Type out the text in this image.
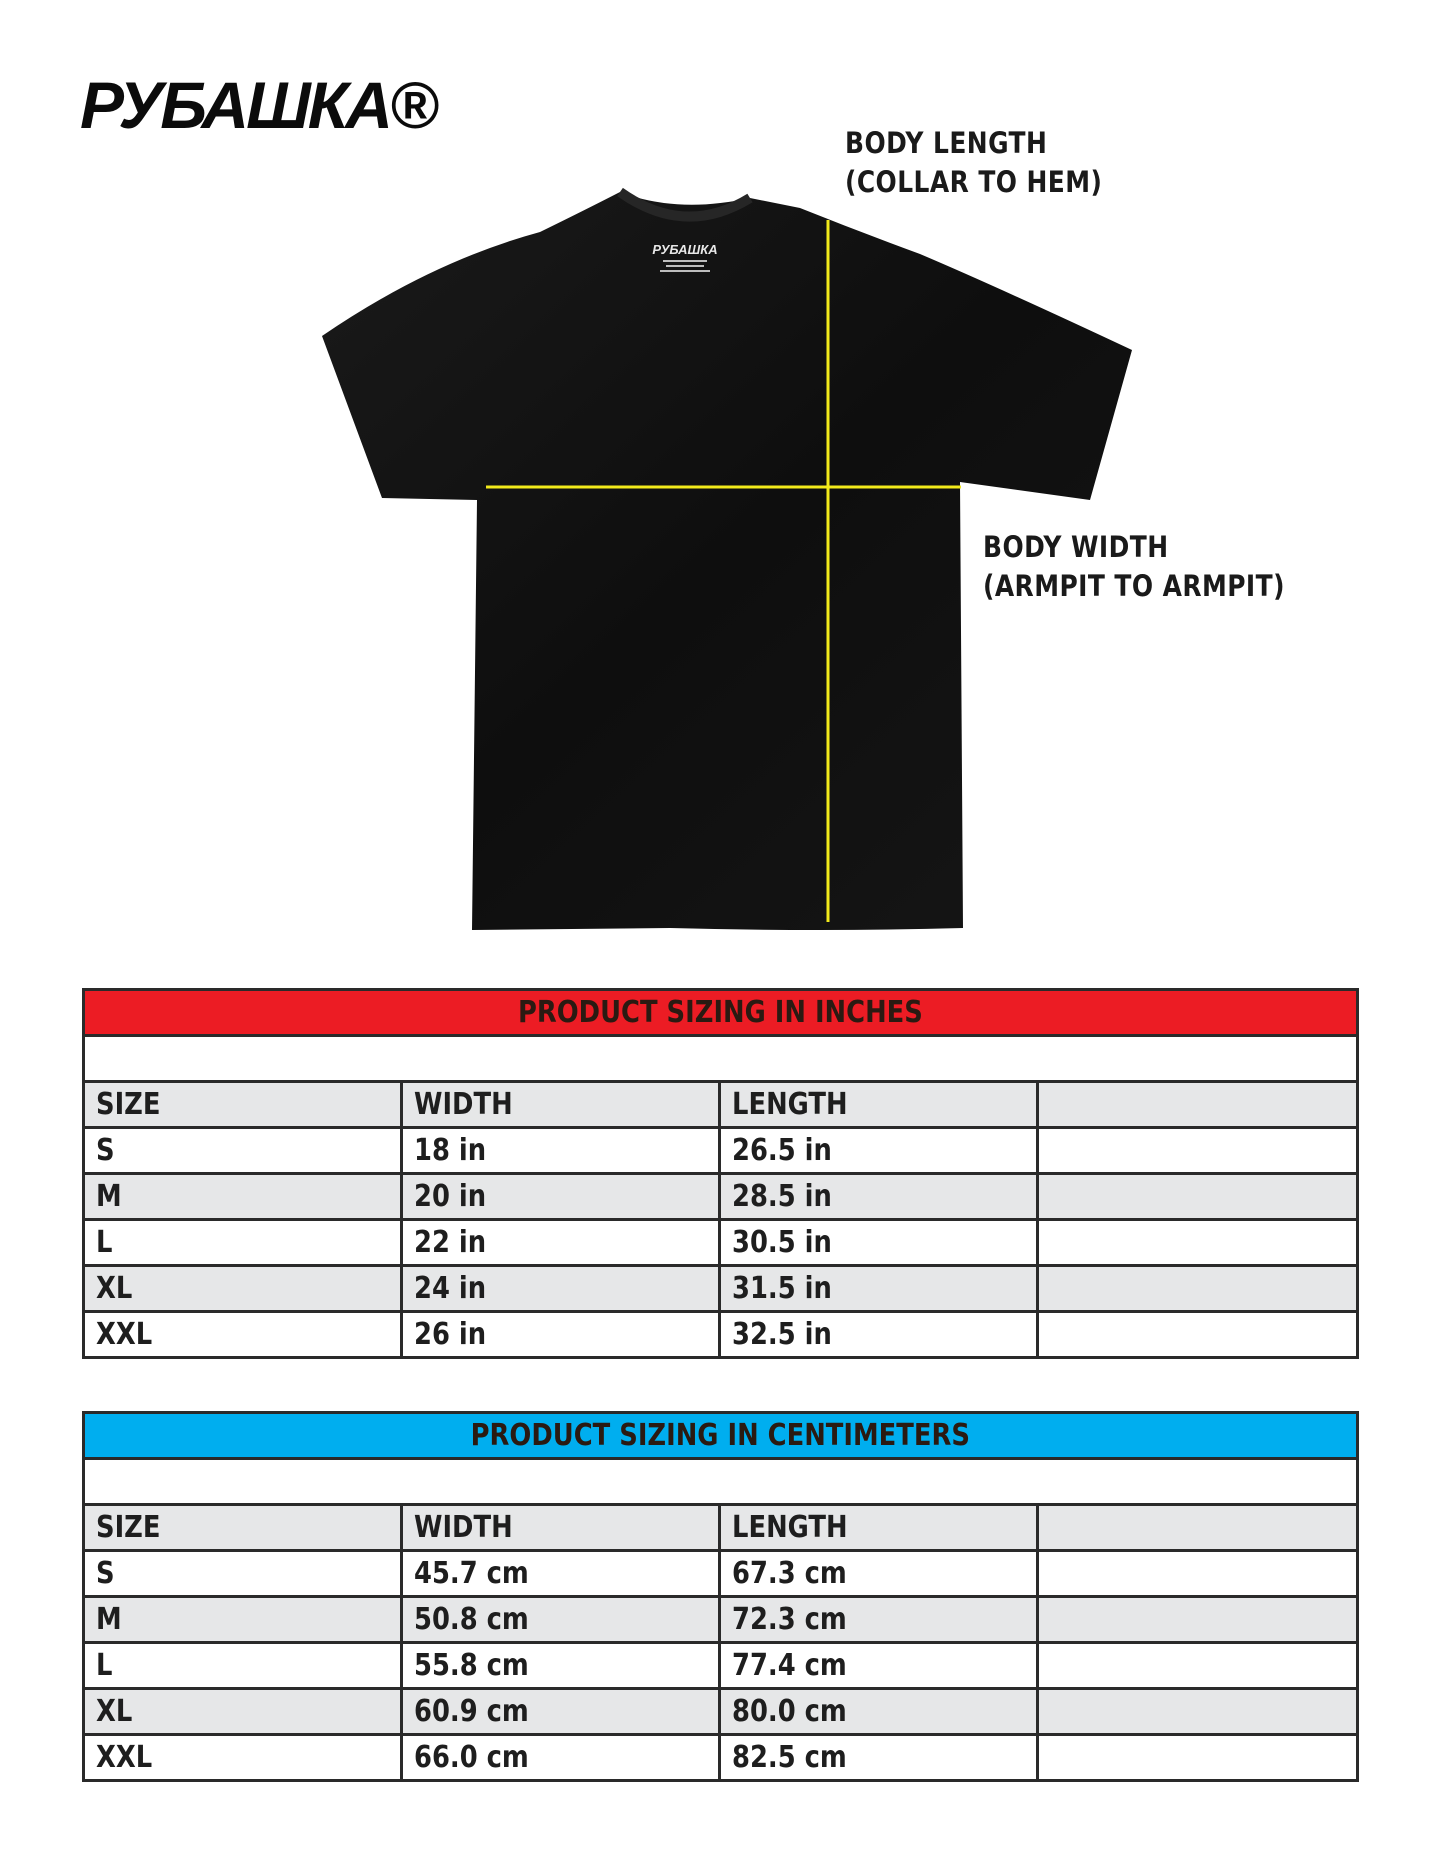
РУБАШКА®
BODY LENGTH
(COLLAR TO HEM)
BODY WIDTH
(ARMPIT TO ARMPIT)
РУБАШКА
PRODUCT SIZING IN INCHES
SIZE	WIDTH	LENGTH
S	18 in	26.5 in
M	20 in	28.5 in
L	22 in	30.5 in
XL	24 in	31.5 in
XXL	26 in	32.5 in
PRODUCT SIZING IN CENTIMETERS
SIZE	WIDTH	LENGTH
S	45.7 cm	67.3 cm
M	50.8 cm	72.3 cm
L	55.8 cm	77.4 cm
XL	60.9 cm	80.0 cm
XXL	66.0 cm	82.5 cm
